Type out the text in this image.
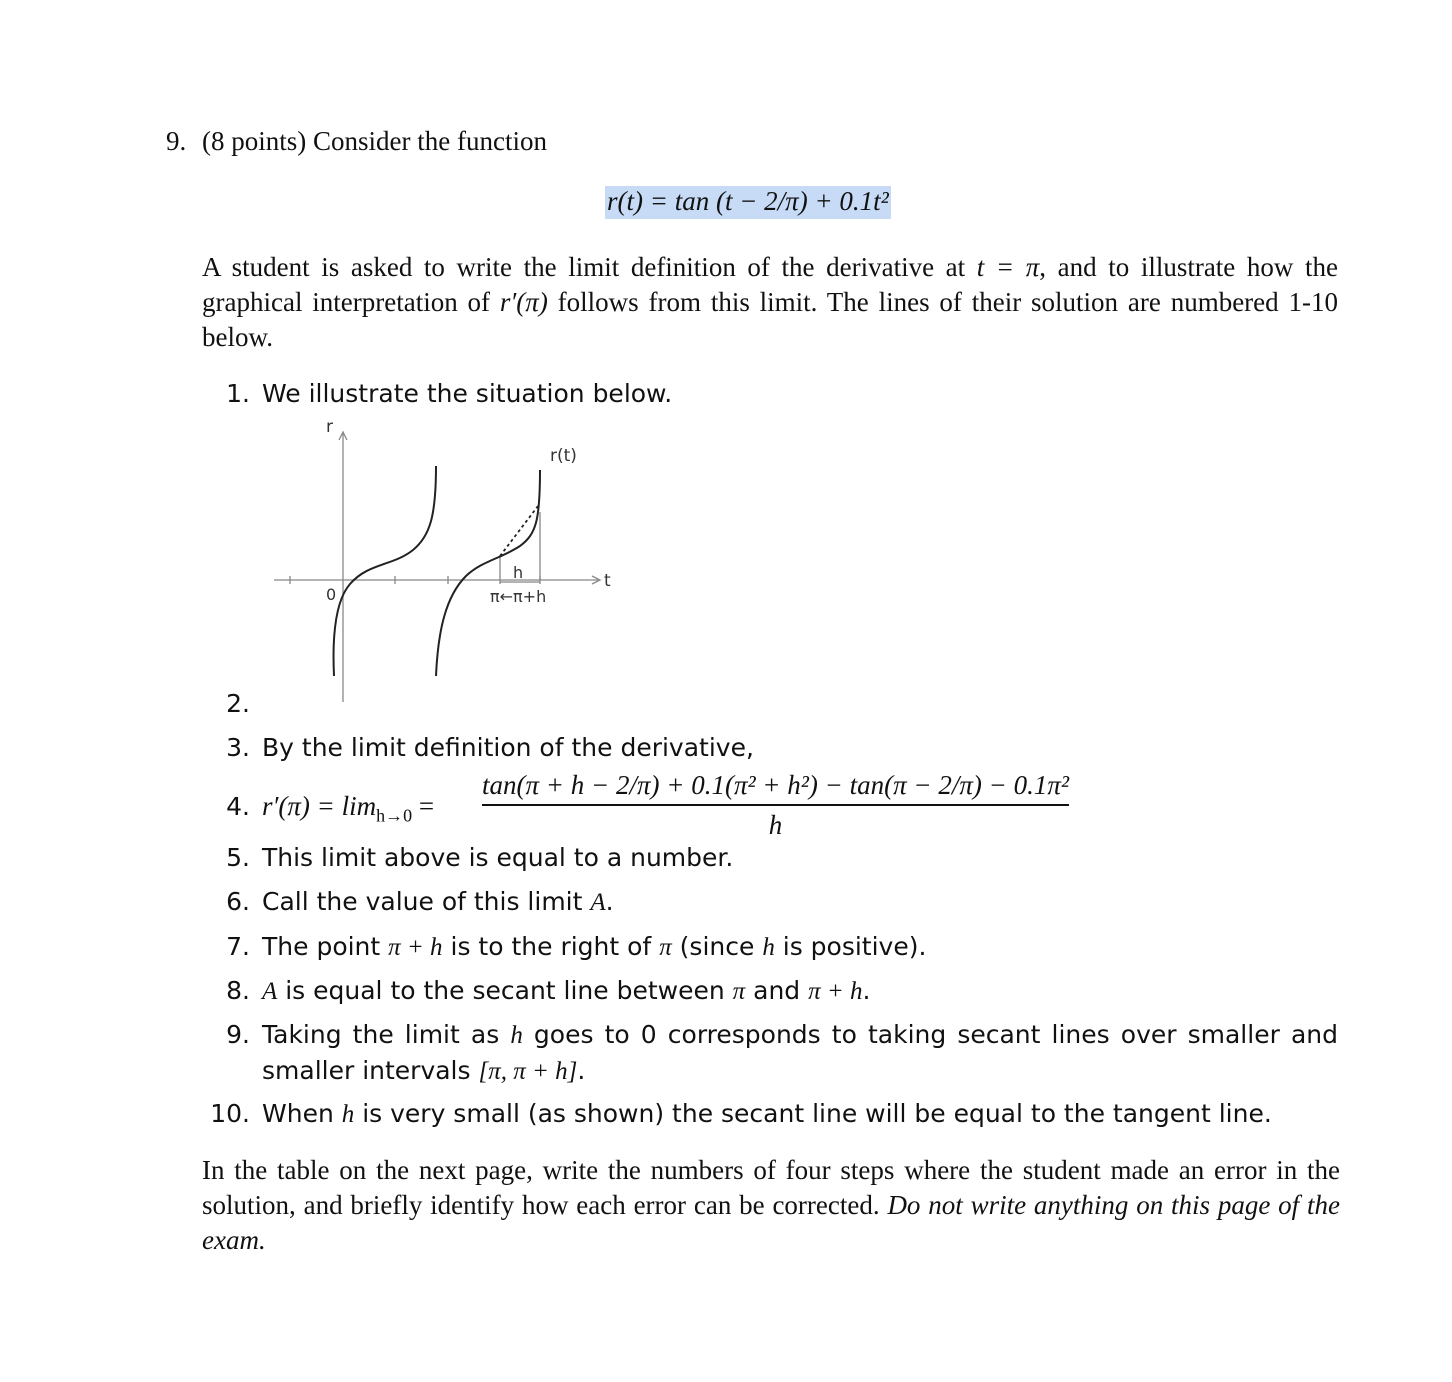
9. (8 points) Consider the function
r(t) = tan (t − 2/π) + 0.1t²
A student is asked to write the limit definition of the derivative at t = π, and to illustrate how the graphical interpretation of r′(π) follows from this limit. The lines of their solution are numbered 1-10 below.
1. We illustrate the situation below.
r
r(t)
t
0
h
π←π+h
2.
3. By the limit definition of the derivative,
4. $r'(\pi) = \lim_{h\to 0}$ =
tan(π + h − 2/π) + 0.1(π² + h²) − tan(π − 2/π) − 0.1π²
h
5. This limit above is equal to a number.
6. Call the value of this limit A.
7. The point π + h is to the right of π (since h is positive).
8. A is equal to the secant line between π and π + h.
9. Taking the limit as h goes to 0 corresponds to taking secant lines over smaller and smaller intervals [π, π + h].
10. When h is very small (as shown) the secant line will be equal to the tangent line.
In the table on the next page, write the numbers of four steps where the student made an error in the solution, and briefly identify how each error can be corrected. Do not write anything on this page of the exam.
